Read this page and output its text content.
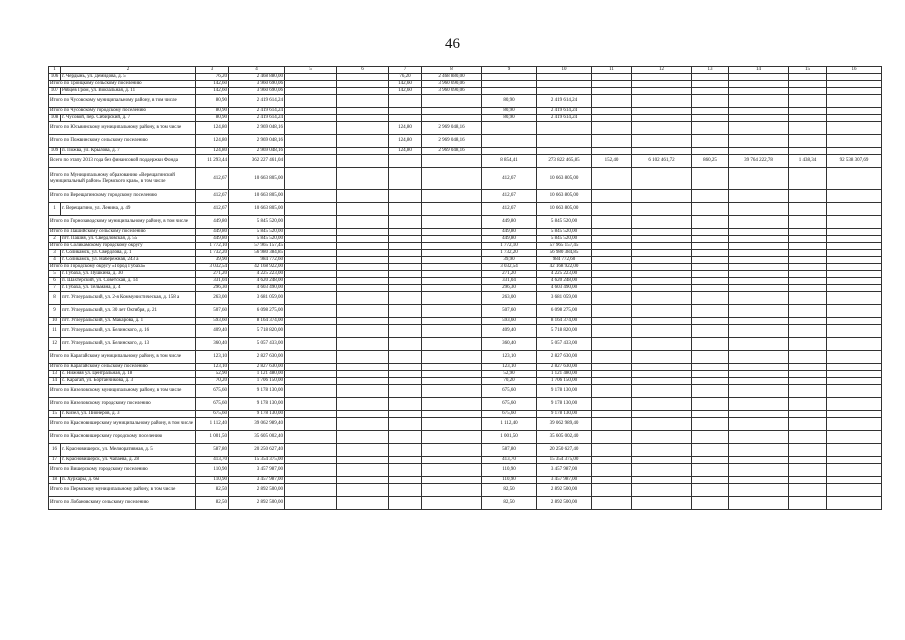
46
1	2	3	4	5	6	7	8	9	10	11	12	13	14	15	16
106	г. Чердынь, ул. Демидова, д. 5	76,20	2 468 880,00			76,20	2 468 880,00								
Итого по Троицкому сельскому поселению		142,60	3 960 690,06			142,60	3 960 690,06								
107	Рябцев Гром, ул. Вокзальная, д. 11	142,60	3 960 690,06			142,60	3 960 690,06								
Итого по Чусовскому муниципальному району, в том числе		80,90	2 419 614,24					80,90	2 419 614,24						
Итого по Чусовскому городскому поселению		80,90	2 419 614,24					80,90	2 419 614,24						
108	г. Чусовой, пер. Сибирский, д. 7	80,90	2 419 614,24					80,90	2 419 614,24						
Итого по Юсьвинскому муниципальному району, в том числе		124,80	2 969 048,16			124,80	2 969 048,16								
Итого по Пожвинскому сельскому поселению		124,80	2 969 048,16			124,80	2 969 048,16								
109	п. Пожва, ул. Крылова, д. 7	124,80	2 969 048,16			124,80	2 969 048,16								
Всего по этапу 2013 года без финансовой поддержки Фонда		11 293,44	362 227 461,04					8 854,41	273 822 465,85	152,40	6 102 461,72	860,25	39 764 222,78	1 438,34	92 538 307,69
Итого по Муниципальному образованию «Верещагинский муниципальный район» Пермского края», в том числе		412,67	10 663 805,00					412,67	10 663 805,00						
Итого по Верещагинскому городскому поселению		412,67	10 663 805,00					412,67	10 663 805,00						
1	г. Верещагино, ул. Ленина, д. 49	412,67	10 663 805,00					412,67	10 663 805,00						
Итого по Горнозаводскому муниципальному району, в том числе		449,80	5 845 520,00					449,80	5 845 520,00						
Итого по Пашийскому сельскому поселению		449,80	5 845 520,00					449,80	5 845 520,00						
2	пгт. Пашия, ул. Свердловская, д. 55	449,80	5 845 520,00					449,80	5 845 520,00						
Итого по Соликамскому городскому округу		1 772,10	57 965 157,45					1 772,10	57 965 157,45						
3	г. Соликамск, ул. Свердлова, д. 1	1 732,20	56 980 384,85					1 732,20	56 980 384,85						
4	г. Соликамск, ул. Набережная, 243 а	39,90	984 772,60					39,90	984 772,60						
Итого по Городскому округу «Город Губаха»		3 032,54	42 168 922,00					3 032,54	42 168 922,00						
5	г. Губаха, ул. Пушкина, д. 30	271,20	4 225 223,00					271,20	4 225 223,00						
6	п. Шахтёрский, ул. Советская, д. 14	331,04	4 620 248,00					331,04	4 620 248,00						
7	г. Губаха, ул. Тельмана, д. 4	296,30	4 603 490,00					296,30	4 603 490,00						
8	пгт. Углеуральский, ул. 2-я Коммунистическая, д. 158 а	263,00	3 681 059,00					263,00	3 681 059,00						
9	пгт. Углеуральский, ул. 30 лет Октября, д. 21	507,60	6 098 275,00					507,60	6 098 275,00						
10	пгт. Углеуральский, ул. Макарова, д. 1	593,60	8 164 374,00					593,60	8 164 374,00						
11	пгт. Углеуральский, ул. Белинского, д. 16	409,40	5 718 820,00					409,40	5 718 820,00						
12	пгт. Углеуральский, ул. Белинского, д. 13	360,40	5 057 433,00					360,40	5 057 433,00						
Итого по Карагайскому муниципальному району, в том числе		123,10	2 827 630,00					123,10	2 827 630,00						
Итого по Карагайскому сельскому поселению		123,10	2 827 630,00					123,10	2 827 630,00						
13	с. Нижняя ул. Центральная, д. 18	52,90	1 121 480,00					52,90	1 121 480,00						
14	с. Карагай, ул. Бортанчиковa, д. 3	70,20	1 706 150,00					70,20	1 706 150,00						
Итого по Кизеловскому муниципальному району, в том числе		675,60	9 178 130,00					675,60	9 178 130,00						
Итого по Кизеловскому городскому поселению		675,60	9 178 130,00					675,60	9 178 130,00						
15	г. Кизел, ул. Пионеров, д. 3	675,60	9 178 130,00					675,60	9 178 130,00						
Итого по Красновишерскому муниципальному району, в том числе		1 112,40	39 062 989,40					1 112,40	39 062 989,40						
Итого по Красновишерскому городскому поселению		1 001,50	35 605 002,40					1 001,50	35 605 002,40						
16	г. Красновишерск, ул. Мелиоративная, д. 5	587,80	20 250 627,40					587,80	20 250 627,40						
17	г. Красновишерск, ул. Чапаева, д. 28	413,70	15 354 375,00					413,70	15 354 375,00						
Итого по Вишерскому городскому поселению		110,90	3 457 987,00					110,90	3 457 987,00						
18	п. Хурхары, д. 6м	110,90	3 457 987,00					110,90	3 457 987,00						
Итого по Пермскому муниципальному району, в том числе		82,50	2 892 500,00					82,50	2 892 500,00						
Итого по Лобановскому сельскому поселению		82,50	2 892 500,00					82,50	2 892 500,00						
